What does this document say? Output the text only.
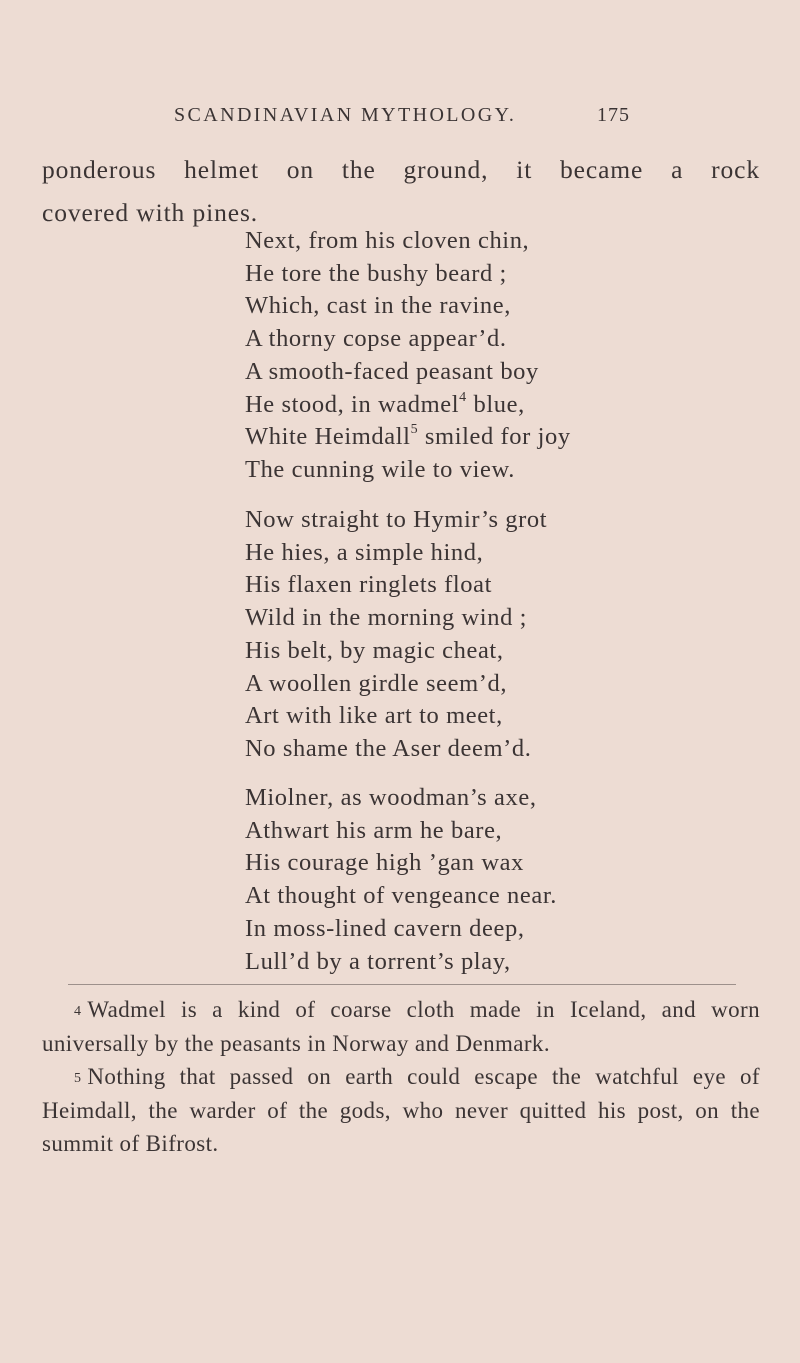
SCANDINAVIAN MYTHOLOGY.	175

ponderous helmet on the ground, it became a rock

covered with pines.

Next, from his cloven chin,
He tore the bushy beard ;
Which, cast in the ravine,
A thorny copse appear’d.
A smooth-faced peasant boy
He stood, in wadmel$^4$ blue,
White Heimdall$^5$ smiled for joy
The cunning wile to view.
Now straight to Hymir’s grot
He hies, a simple hind,
His flaxen ringlets float
Wild in the morning wind ;
His belt, by magic cheat,
A woollen girdle seem’d,
Art with like art to meet,
No shame the Aser deem’d.
Miolner, as woodman’s axe,
Athwart his arm he bare,
His courage high ’gan wax
At thought of vengeance near.
In moss-lined cavern deep,
Lull’d by a torrent’s play,

$^4$ Wadmel is a kind of coarse cloth made in Iceland, and worn universally by the peasants in Norway and Denmark.

$^5$ Nothing that passed on earth could escape the watchful eye of Heimdall, the warder of the gods, who never quitted his post, on the summit of Bifrost.
